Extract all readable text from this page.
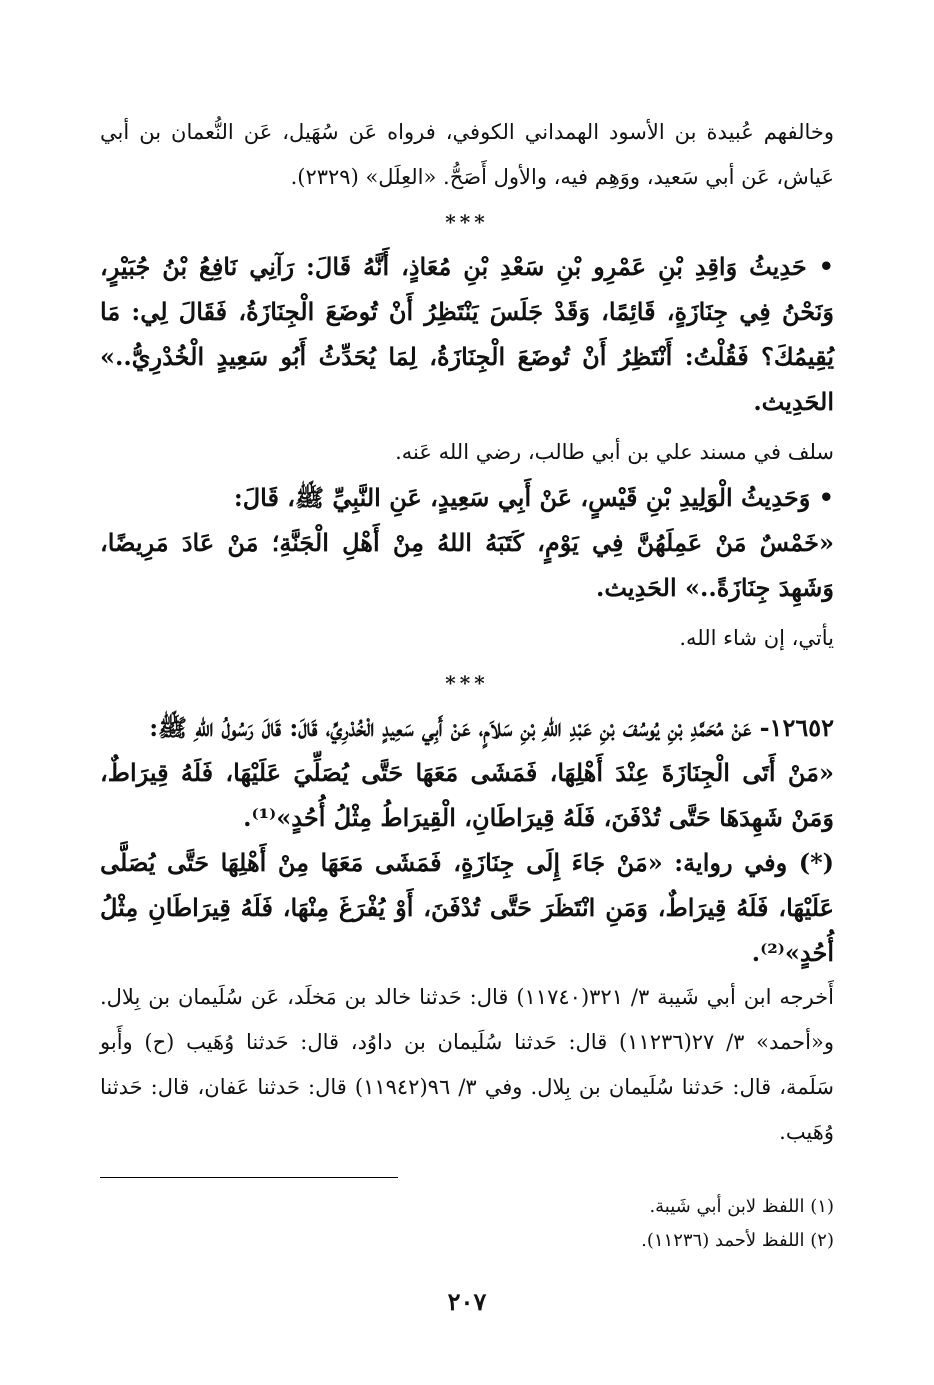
وخالفهم عُبيدة بن الأسود الهمداني الكوفي، فرواه عَن سُهَيل، عَن النُّعمان بن أبي عَياش، عَن أبي سَعيد، ووَهِم فيه، والأول أَصَحُّ. «العِلَل» (٢٣٢٩).

***

• حَدِيثُ وَاقِدِ بْنِ عَمْرِو بْنِ سَعْدِ بْنِ مُعَاذٍ، أَنَّهُ قَالَ: رَآنِي نَافِعُ بْنُ جُبَيْرٍ، وَنَحْنُ فِي جِنَازَةٍ، قَائِمًا، وَقَدْ جَلَسَ يَنْتَظِرُ أَنْ تُوضَعَ الْجِنَازَةُ، فَقَالَ لِي: مَا يُقِيمُكَ؟ فَقُلْتُ: أَنْتَظِرُ أَنْ تُوضَعَ الْجِنَازَةُ، لِمَا يُحَدِّثُ أَبُو سَعِيدٍ الْخُدْرِيُّ..» الحَدِيث.

سلف في مسند علي بن أبي طالب، رضي الله عَنه.

• وَحَدِيثُ الْوَلِيدِ بْنِ قَيْسٍ، عَنْ أَبِي سَعِيدٍ، عَنِ النَّبِيِّ ﷺ، قَالَ:

«خَمْسٌ مَنْ عَمِلَهُنَّ فِي يَوْمٍ، كَتَبَهُ اللهُ مِنْ أَهْلِ الْجَنَّةِ؛ مَنْ عَادَ مَرِيضًا، وَشَهِدَ جِنَازَةً..» الحَدِيث.

يأتي، إن شاء الله.

***

١٢٦٥٢- عَنْ مُحَمَّدِ بْنِ يُوسُفَ بْنِ عَبْدِ اللهِ بْنِ سَلاَمٍ، عَنْ أَبِي سَعِيدٍ الْخُدْرِيِّ، قَالَ: قَالَ رَسُولُ اللهِ ﷺ:

«مَنْ أَتَى الْجِنَازَةَ عِنْدَ أَهْلِهَا، فَمَشَى مَعَهَا حَتَّى يُصَلِّيَ عَلَيْهَا، فَلَهُ قِيرَاطٌ، وَمَنْ شَهِدَهَا حَتَّى تُدْفَنَ، فَلَهُ قِيرَاطَانِ، الْقِيرَاطُ مِثْلُ أُحُدٍ»⁽¹⁾.

(*) وفي رواية: «مَنْ جَاءَ إِلَى جِنَازَةٍ، فَمَشَى مَعَهَا مِنْ أَهْلِهَا حَتَّى يُصَلَّى عَلَيْهَا، فَلَهُ قِيرَاطٌ، وَمَنِ انْتَظَرَ حَتَّى تُدْفَنَ، أَوْ يُفْرَغَ مِنْهَا، فَلَهُ قِيرَاطَانِ مِثْلُ أُحُدٍ»⁽²⁾.

أَخرجه ابن أبي شَيبة ٣/ ٣٢١(١١٧٤٠) قال: حَدثنا خالد بن مَخلَد، عَن سُلَيمان بن بِلال. و«أحمد» ٣/ ٢٧(١١٢٣٦) قال: حَدثنا سُلَيمان بن داوُد، قال: حَدثنا وُهَيب (ح) وأَبو سَلَمة، قال: حَدثنا سُلَيمان بن بِلال. وفي ٣/ ٩٦(١١٩٤٢) قال: حَدثنا عَفان، قال: حَدثنا وُهَيب.

(١) اللفظ لابن أبي شَيبة.

(٢) اللفظ لأحمد (١١٢٣٦).

٢٠٧
